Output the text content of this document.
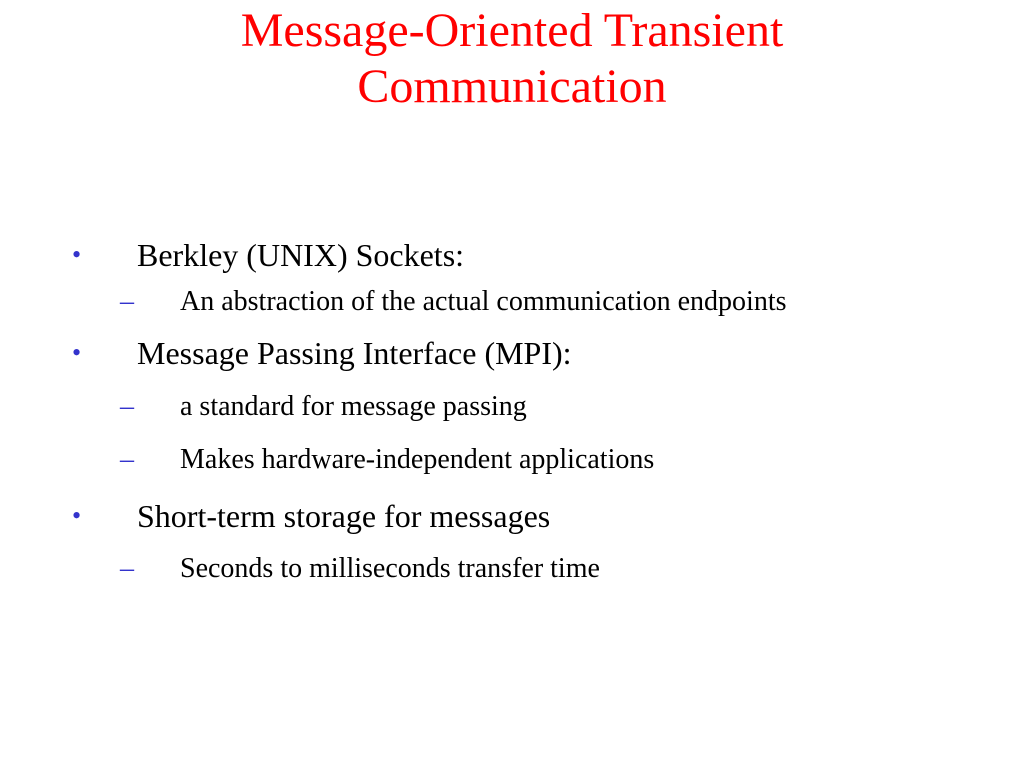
Message-Oriented Transient
Communication
• Berkley (UNIX) Sockets:
– An abstraction of the actual communication endpoints
• Message Passing Interface (MPI):
– a standard for message passing
– Makes hardware-independent applications
• Short-term storage for messages
– Seconds to milliseconds transfer time
